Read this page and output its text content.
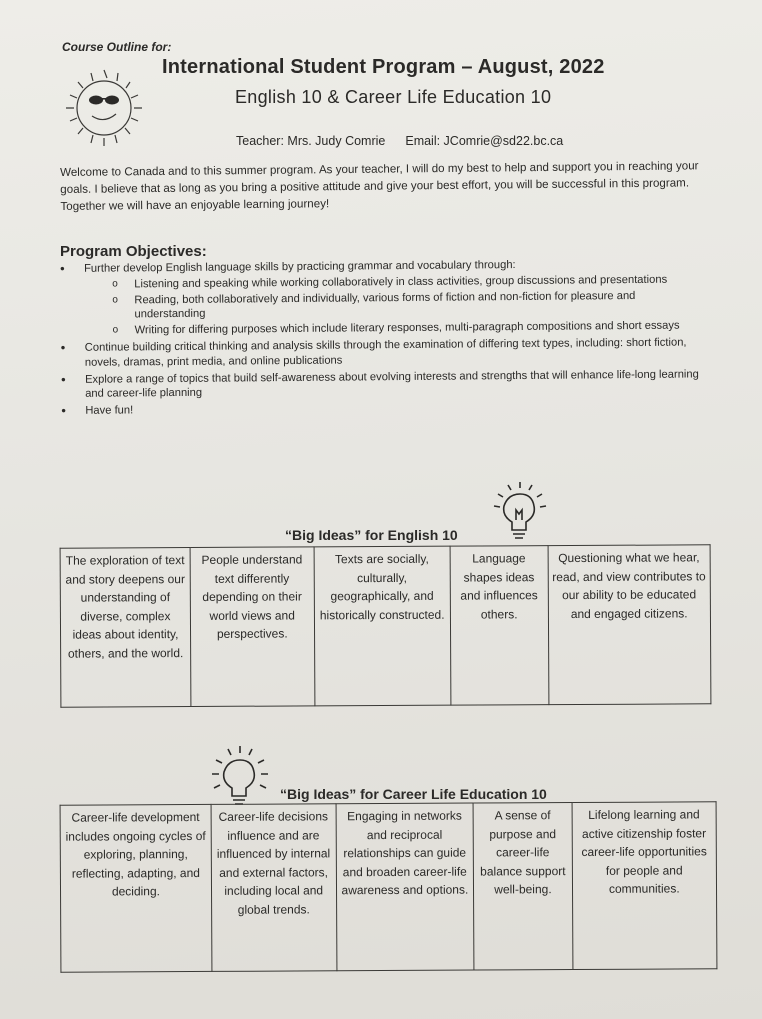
Course Outline for:
International Student Program – August, 2022
English 10 & Career Life Education 10
Teacher: Mrs. Judy Comrie Email: JComrie@sd22.bc.ca
Welcome to Canada and to this summer program. As your teacher, I will do my best to help and support you in reaching your goals. I believe that as long as you bring a positive attitude and give your best effort, you will be successful in this program. Together we will have an enjoyable learning journey!
Program Objectives:
• Further develop English language skills by practicing grammar and vocabulary through:
o Listening and speaking while working collaboratively in class activities, group discussions and presentations
o Reading, both collaboratively and individually, various forms of fiction and non-fiction for pleasure and understanding
o Writing for differing purposes which include literary responses, multi-paragraph compositions and short essays
• Continue building critical thinking and analysis skills through the examination of differing text types, including: short fiction, novels, dramas, print media, and online publications
• Explore a range of topics that build self-awareness about evolving interests and strengths that will enhance life-long learning and career-life planning
• Have fun!
“Big Ideas” for English 10
The exploration of text and story deepens our understanding of diverse, complex ideas about identity, others, and the world.	People understand text differently depending on their world views and perspectives.	Texts are socially, culturally, geographically, and historically constructed.	Language shapes ideas and influences others.	Questioning what we hear, read, and view contributes to our ability to be educated and engaged citizens.
“Big Ideas” for Career Life Education 10
Career-life development includes ongoing cycles of exploring, planning, reflecting, adapting, and deciding.	Career-life decisions influence and are influenced by internal and external factors, including local and global trends.	Engaging in networks and reciprocal relationships can guide and broaden career-life awareness and options.	A sense of purpose and career-life balance support well-being.	Lifelong learning and active citizenship foster career-life opportunities for people and communities.
